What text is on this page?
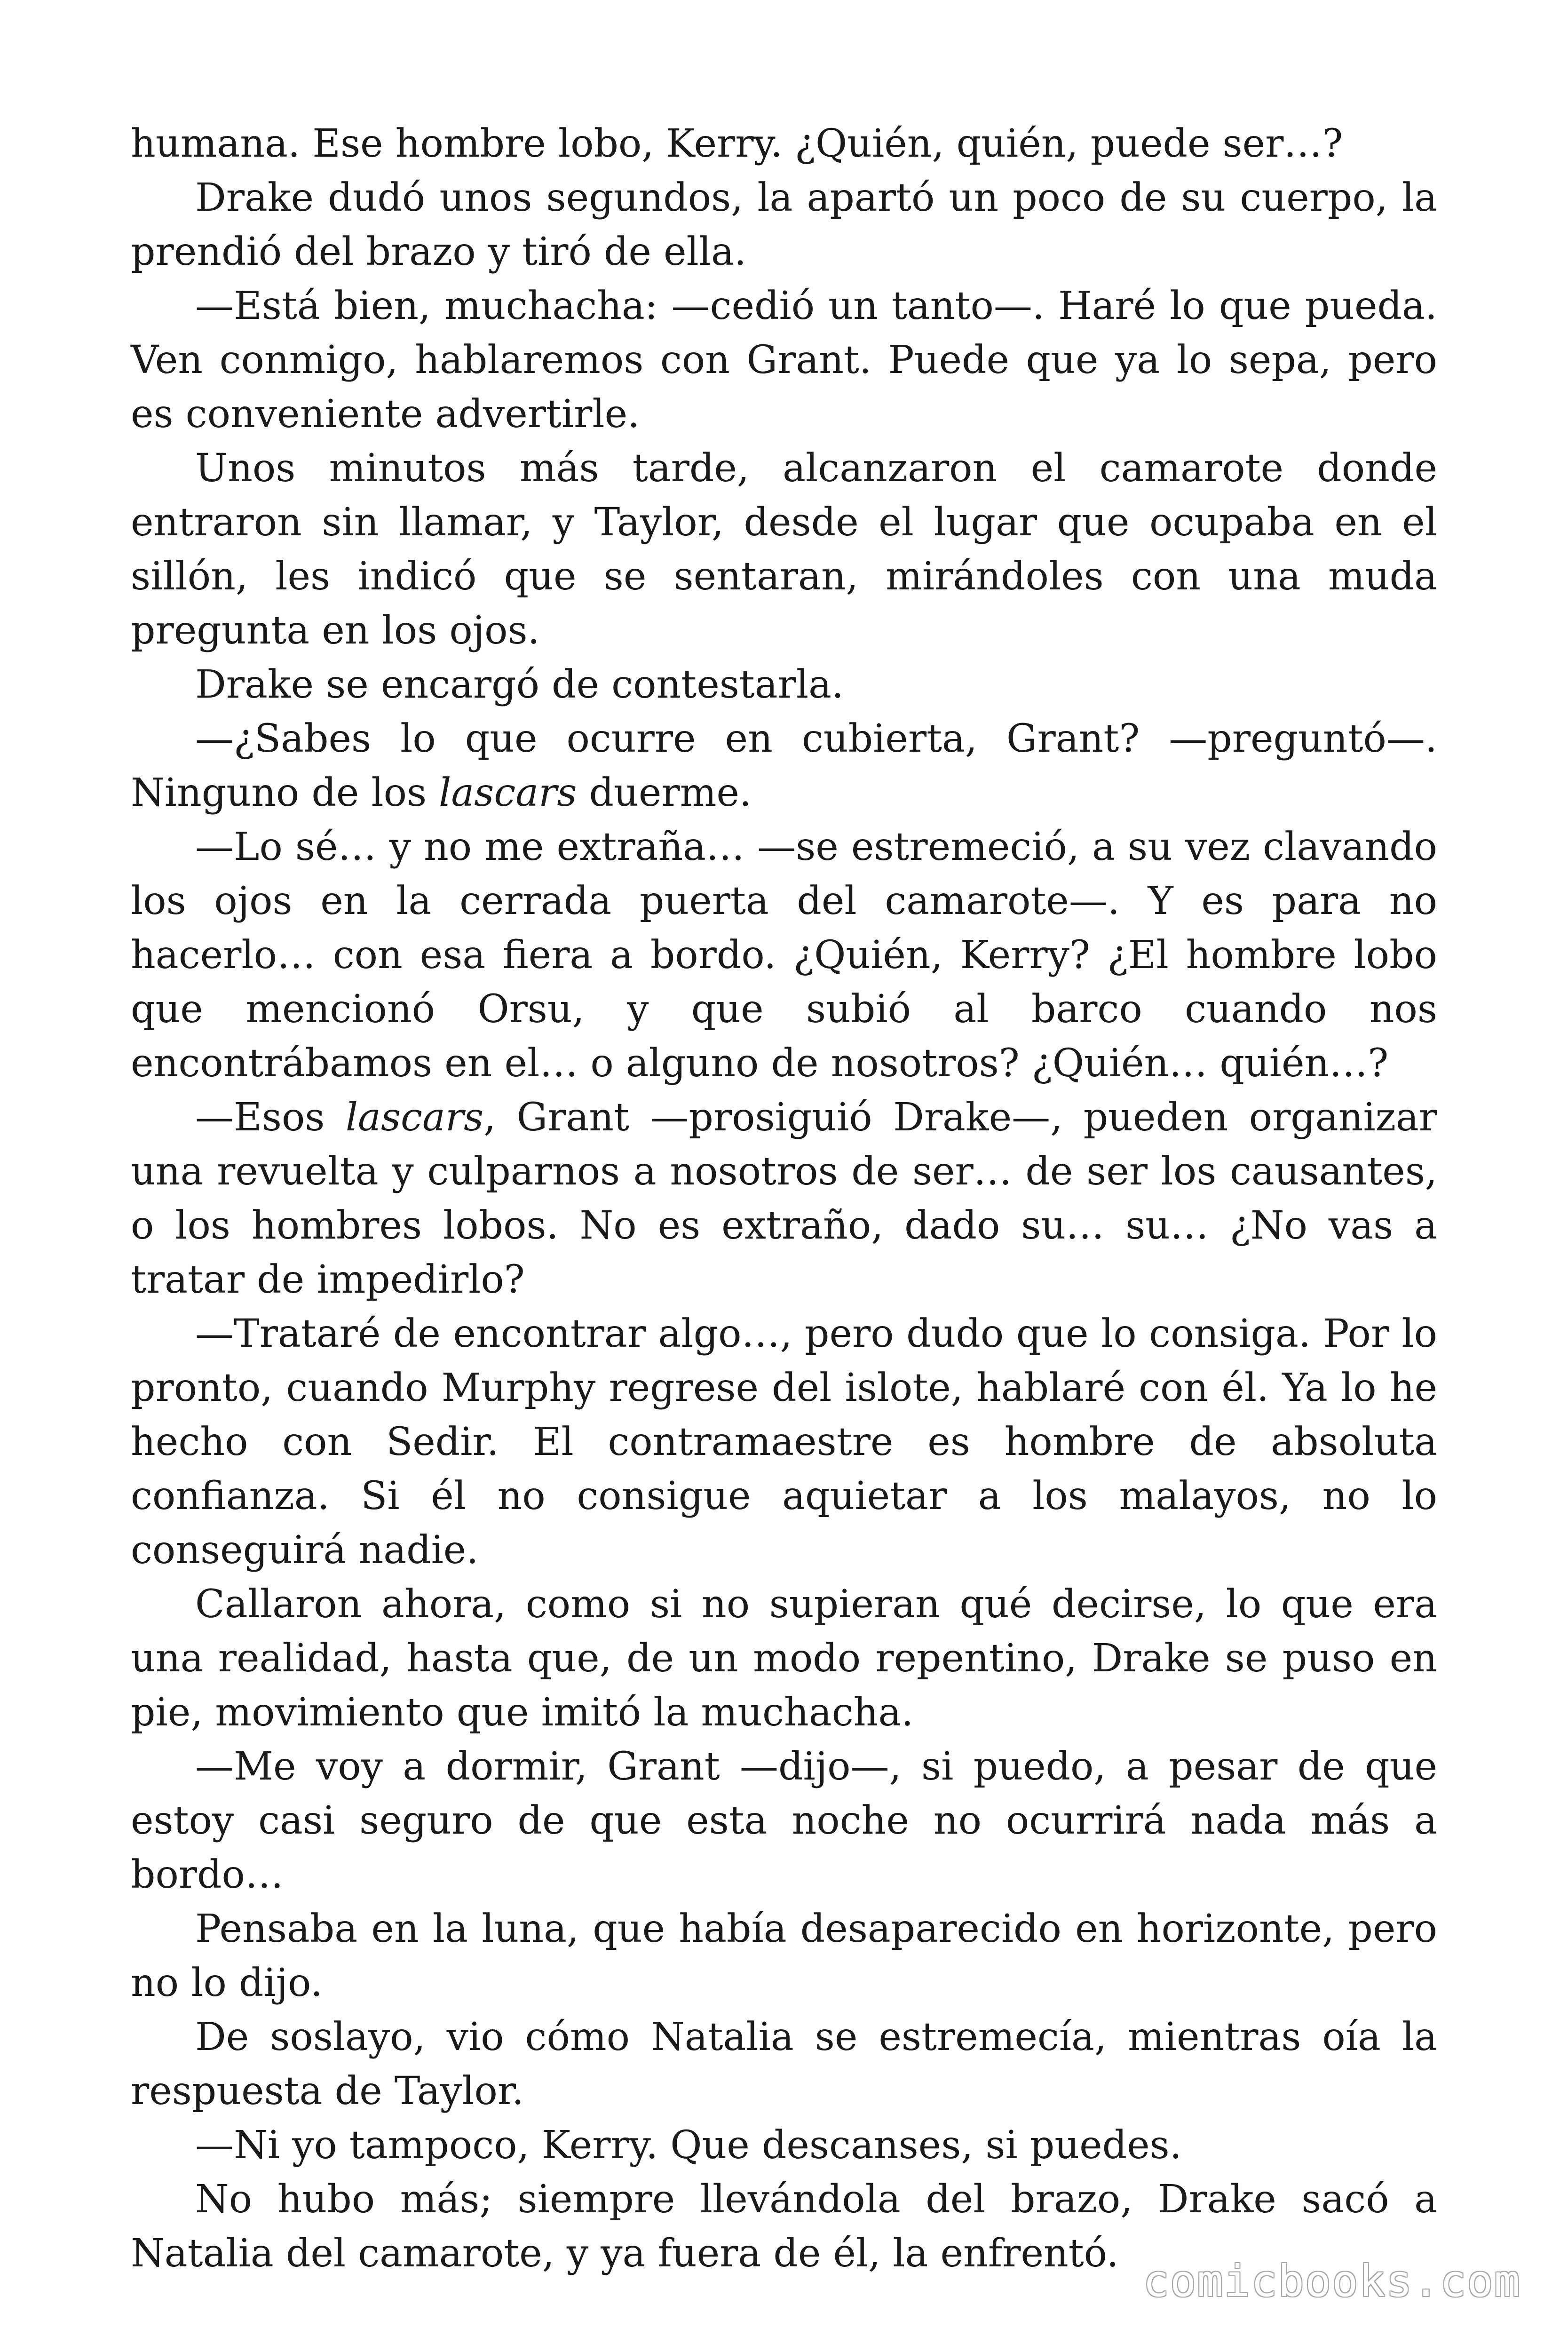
humana. Ese hombre lobo, Kerry. ¿Quién, quién, puede ser…?

Drake dudó unos segundos, la apartó un poco de su cuerpo, la prendió del brazo y tiró de ella.

—Está bien, muchacha: —cedió un tanto—. Haré lo que pueda. Ven conmigo, hablaremos con Grant. Puede que ya lo sepa, pero es conveniente advertirle.

Unos minutos más tarde, alcanzaron el camarote donde entraron sin llamar, y Taylor, desde el lugar que ocupaba en el sillón, les indicó que se sentaran, mirándoles con una muda pregunta en los ojos.

Drake se encargó de contestarla.

—¿Sabes lo que ocurre en cubierta, Grant? —preguntó—. Ninguno de los lascars duerme.

—Lo sé… y no me extraña… —se estremeció, a su vez clavando los ojos en la cerrada puerta del camarote—. Y es para no hacerlo… con esa fiera a bordo. ¿Quién, Kerry? ¿El hombre lobo que mencionó Orsu, y que subió al barco cuando nos encontrábamos en el… o alguno de nosotros? ¿Quién… quién…?

—Esos lascars, Grant —prosiguió Drake—, pueden organizar una revuelta y culparnos a nosotros de ser… de ser los causantes, o los hombres lobos. No es extraño, dado su… su… ¿No vas a tratar de impedirlo?

—Trataré de encontrar algo…, pero dudo que lo consiga. Por lo pronto, cuando Murphy regrese del islote, hablaré con él. Ya lo he hecho con Sedir. El contramaestre es hombre de absoluta confianza. Si él no consigue aquietar a los malayos, no lo conseguirá nadie.

Callaron ahora, como si no supieran qué decirse, lo que era una realidad, hasta que, de un modo repentino, Drake se puso en pie, movimiento que imitó la muchacha.

—Me voy a dormir, Grant —dijo—, si puedo, a pesar de que estoy casi seguro de que esta noche no ocurrirá nada más a bordo…

Pensaba en la luna, que había desaparecido en horizonte, pero no lo dijo.

De soslayo, vio cómo Natalia se estremecía, mientras oía la respuesta de Taylor.

—Ni yo tampoco, Kerry. Que descanses, si puedes.

No hubo más; siempre llevándola del brazo, Drake sacó a Natalia del camarote, y ya fuera de él, la enfrentó.

comicbooks.com
